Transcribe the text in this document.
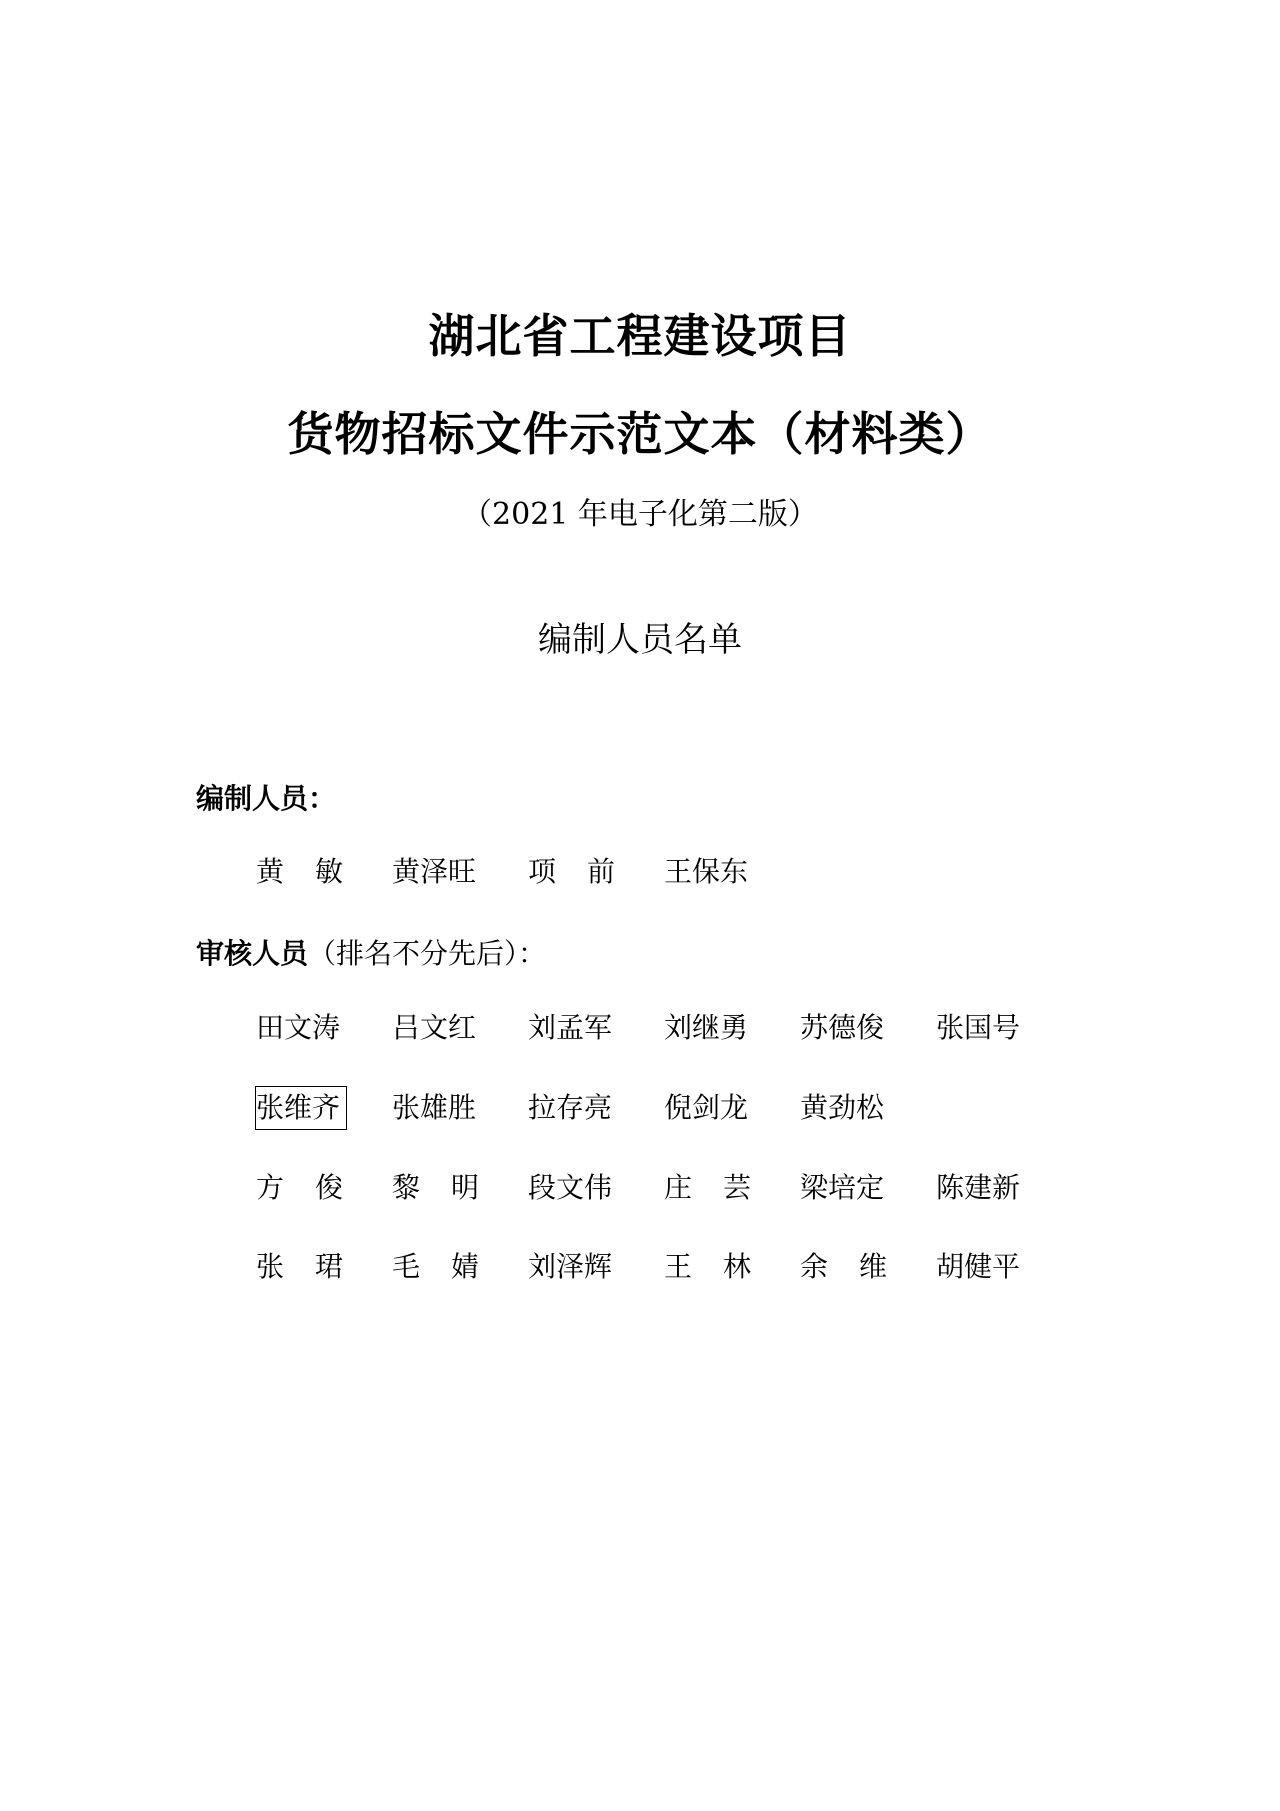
湖北省工程建设项目
货物招标文件示范文本（材料类）
（2021 年电子化第二版）
编制人员名单
编制人员：
黄敏 黄泽旺 项前 王保东
审核人员（排名不分先后）：
田文涛 吕文红 刘孟军 刘继勇 苏德俊 张国号
张维齐 张雄胜 拉存亮 倪剑龙 黄劲松
方俊 黎明 段文伟 庄芸 梁培定 陈建新
张珺 毛婧 刘泽辉 王林 余维 胡健平
